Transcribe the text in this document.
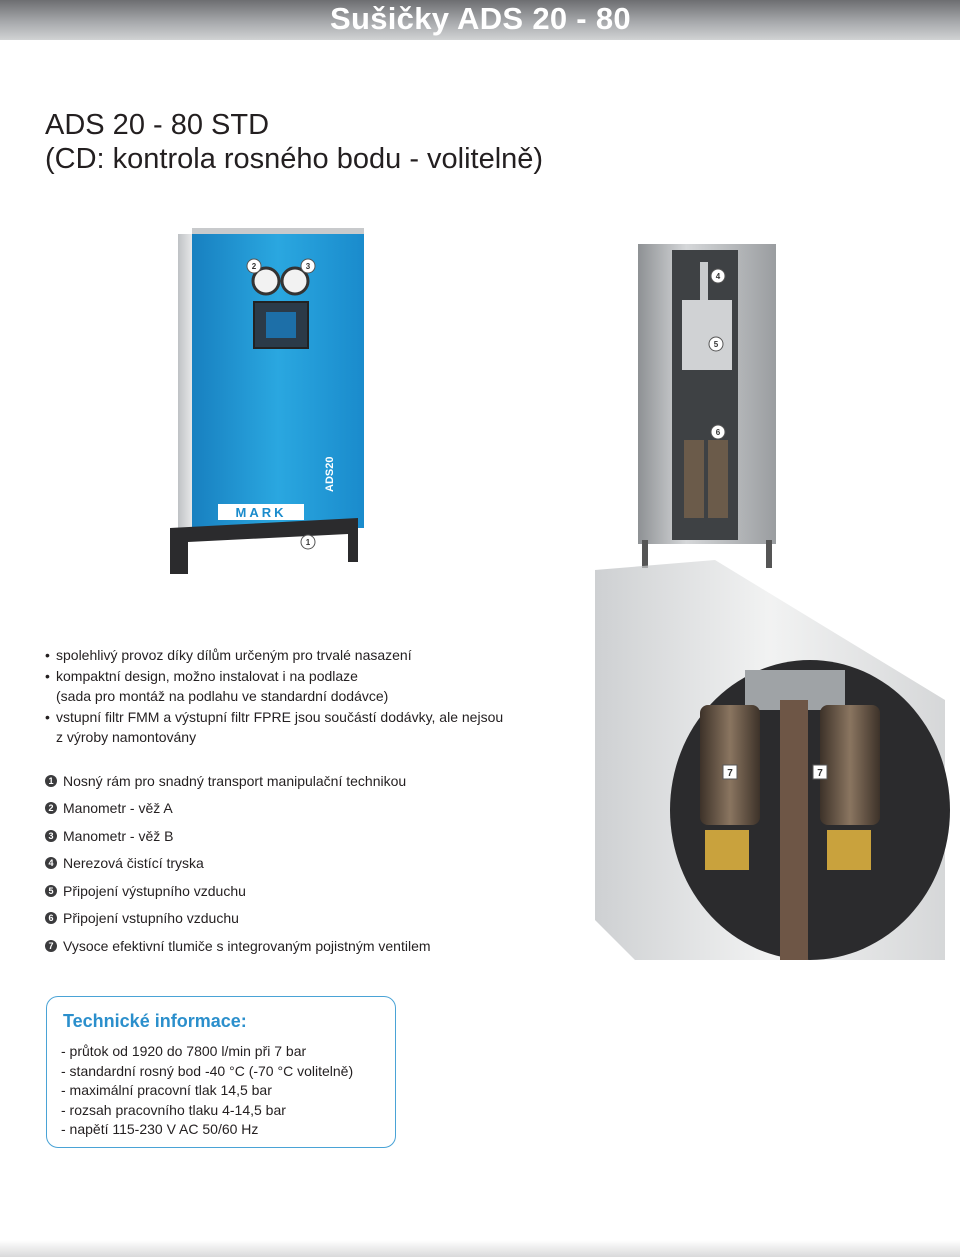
Sušičky ADS 20 - 80
ADS 20 - 80 STD
(CD: kontrola rosného bodu - volitelně)
2	3
MARK
ADS20
1
4
5
6
7	7
• spolehlivý provoz díky dílům určeným pro trvalé nasazení
• kompaktní design, možno instalovat i na podlaze
(sada pro montáž na podlahu ve standardní dodávce)
• vstupní filtr FMM a výstupní filtr FPRE jsou součástí dodávky, ale nejsou
z výroby namontovány
1 Nosný rám pro snadný transport manipulační technikou
2 Manometr - věž A
3 Manometr - věž B
4 Nerezová čistící tryska
5 Připojení výstupního vzduchu
6 Připojení vstupního vzduchu
7 Vysoce efektivní tlumiče s integrovaným pojistným ventilem
Technické informace:
- průtok od 1920 do 7800 l/min při 7 bar
- standardní rosný bod -40 °C (-70 °C volitelně)
- maximální pracovní tlak 14,5 bar
- rozsah pracovního tlaku 4-14,5 bar
- napětí 115-230 V AC 50/60 Hz
